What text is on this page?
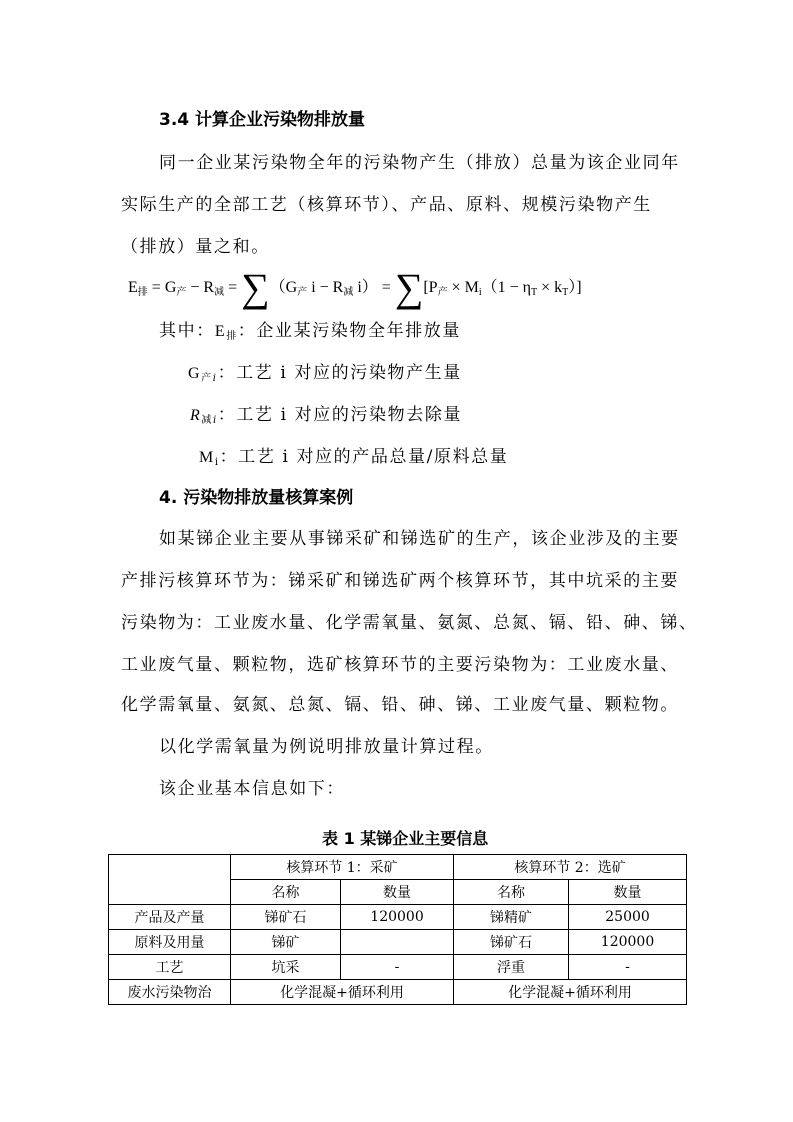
3.4 计算企业污染物排放量
同一企业某污染物全年的污染物产生（排放）总量为该企业同年
实际生产的全部工艺（核算环节）、产品、原料、规模污染物产生
（排放）量之和。
$E_排 = G_产 - R_减 = \sum(G_产$ $i - R_减$ $i) = \sum[P_产 \times M_i(1 - \eta_T \times k_T)]$
其中：$E_排$：企业某污染物全年排放量
$G_{产i}$：工艺 i 对应的污染物产生量
$R_{减i}$：工艺 i 对应的污染物去除量
$M_i$：工艺 i 对应的产品总量/原料总量
4. 污染物排放量核算案例
如某锑企业主要从事锑采矿和锑选矿的生产，该企业涉及的主要
产排污核算环节为：锑采矿和锑选矿两个核算环节，其中坑采的主要
污染物为：工业废水量、化学需氧量、氨氮、总氮、镉、铅、砷、锑、
工业废气量、颗粒物，选矿核算环节的主要污染物为：工业废水量、
化学需氧量、氨氮、总氮、镉、铅、砷、锑、工业废气量、颗粒物。
以化学需氧量为例说明排放量计算过程。
该企业基本信息如下：
表 1 某锑企业主要信息
	核算环节 1：采矿		核算环节 2：选矿	
	名称	数量	名称	数量
产品及产量	锑矿石	120000	锑精矿	25000
原料及用量	锑矿		锑矿石	120000
工艺	坑采	-	浮重	-
废水污染物治	化学混凝+循环利用		化学混凝+循环利用	
